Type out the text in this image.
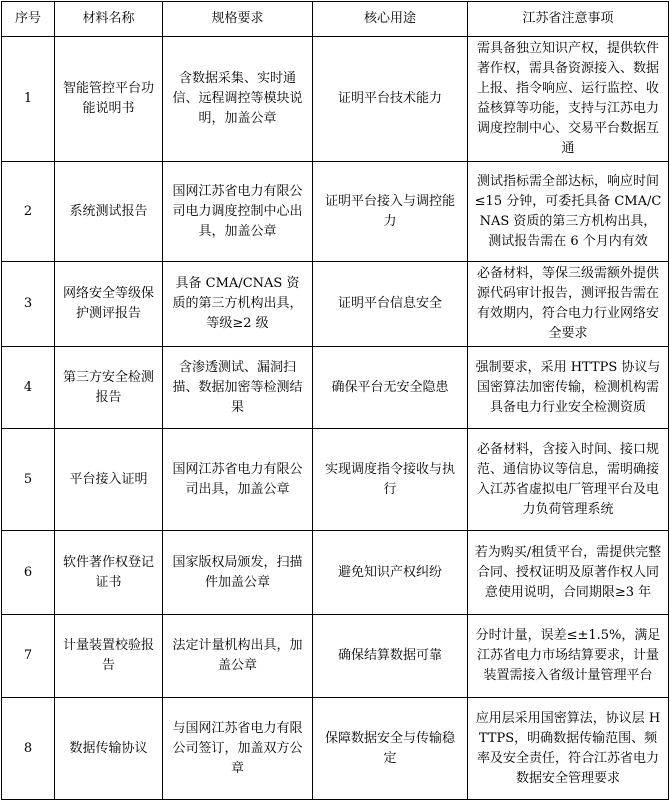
序号	材料名称	规格要求	核心用途	江苏省注意事项
1	智能管控平台功能说明书	含数据采集、实时通信、远程调控等模块说明，加盖公章	证明平台技术能力	需具备独立知识产权，提供软件著作权，需具备资源接入、数据上报、指令响应、运行监控、收益核算等功能，支持与江苏电力调度控制中心、交易平台数据互通
2	系统测试报告	国网江苏省电力有限公司电力调度控制中心出具，加盖公章	证明平台接入与调控能力	测试指标需全部达标，响应时间≤15 分钟，可委托具备 CMA/CNAS 资质的第三方机构出具，测试报告需在 6 个月内有效
3	网络安全等级保护测评报告	具备 CMA/CNAS 资质的第三方机构出具，等级≥2 级	证明平台信息安全	必备材料，等保三级需额外提供源代码审计报告，测评报告需在有效期内，符合电力行业网络安全要求
4	第三方安全检测报告	含渗透测试、漏洞扫描、数据加密等检测结果	确保平台无安全隐患	强制要求，采用 HTTPS 协议与国密算法加密传输，检测机构需具备电力行业安全检测资质
5	平台接入证明	国网江苏省电力有限公司出具，加盖公章	实现调度指令接收与执行	必备材料，含接入时间、接口规范、通信协议等信息，需明确接入江苏省虚拟电厂管理平台及电力负荷管理系统
6	软件著作权登记证书	国家版权局颁发，扫描件加盖公章	避免知识产权纠纷	若为购买/租赁平台，需提供完整合同、授权证明及原著作权人同意使用说明，合同期限≥3 年
7	计量装置校验报告	法定计量机构出具，加盖公章	确保结算数据可靠	分时计量，误差≤±1.5%，满足江苏省电力市场结算要求，计量装置需接入省级计量管理平台
8	数据传输协议	与国网江苏省电力有限公司签订，加盖双方公章	保障数据安全与传输稳定	应用层采用国密算法，协议层 HTTPS，明确数据传输范围、频率及安全责任，符合江苏省电力数据安全管理要求
